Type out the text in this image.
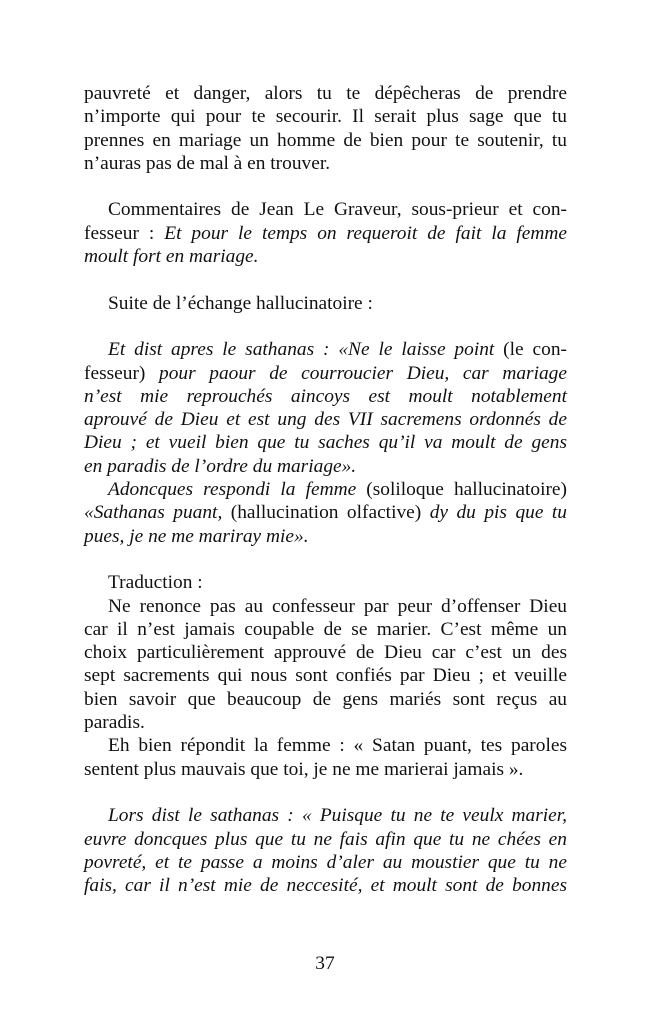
pauvreté et danger, alors tu te dépêcheras de prendre
n’importe qui pour te secourir. Il serait plus sage que tu
prennes en mariage un homme de bien pour te soutenir, tu
n’auras pas de mal à en trouver.
Commentaires de Jean Le Graveur, sous-prieur et con-
fesseur : Et pour le temps on requeroit de fait la femme
moult fort en mariage.
Suite de l’échange hallucinatoire :
Et dist apres le sathanas : «Ne le laisse point (le con-
fesseur) pour paour de courroucier Dieu, car mariage
n’est mie reprouchés aincoys est moult notablement
aprouvé de Dieu et est ung des VII sacremens ordonnés de
Dieu ; et vueil bien que tu saches qu’il va moult de gens
en paradis de l’ordre du mariage».
Adoncques respondi la femme (soliloque hallucinatoire)
«Sathanas puant, (hallucination olfactive) dy du pis que tu
pues, je ne me mariray mie».
Traduction :
Ne renonce pas au confesseur par peur d’offenser Dieu
car il n’est jamais coupable de se marier. C’est même un
choix particulièrement approuvé de Dieu car c’est un des
sept sacrements qui nous sont confiés par Dieu ; et veuille
bien savoir que beaucoup de gens mariés sont reçus au
paradis.
Eh bien répondit la femme : « Satan puant, tes paroles
sentent plus mauvais que toi, je ne me marierai jamais ».
Lors dist le sathanas : « Puisque tu ne te veulx marier,
euvre doncques plus que tu ne fais afin que tu ne chées en
povreté, et te passe a moins d’aler au moustier que tu ne
fais, car il n’est mie de neccesité, et moult sont de bonnes
37
